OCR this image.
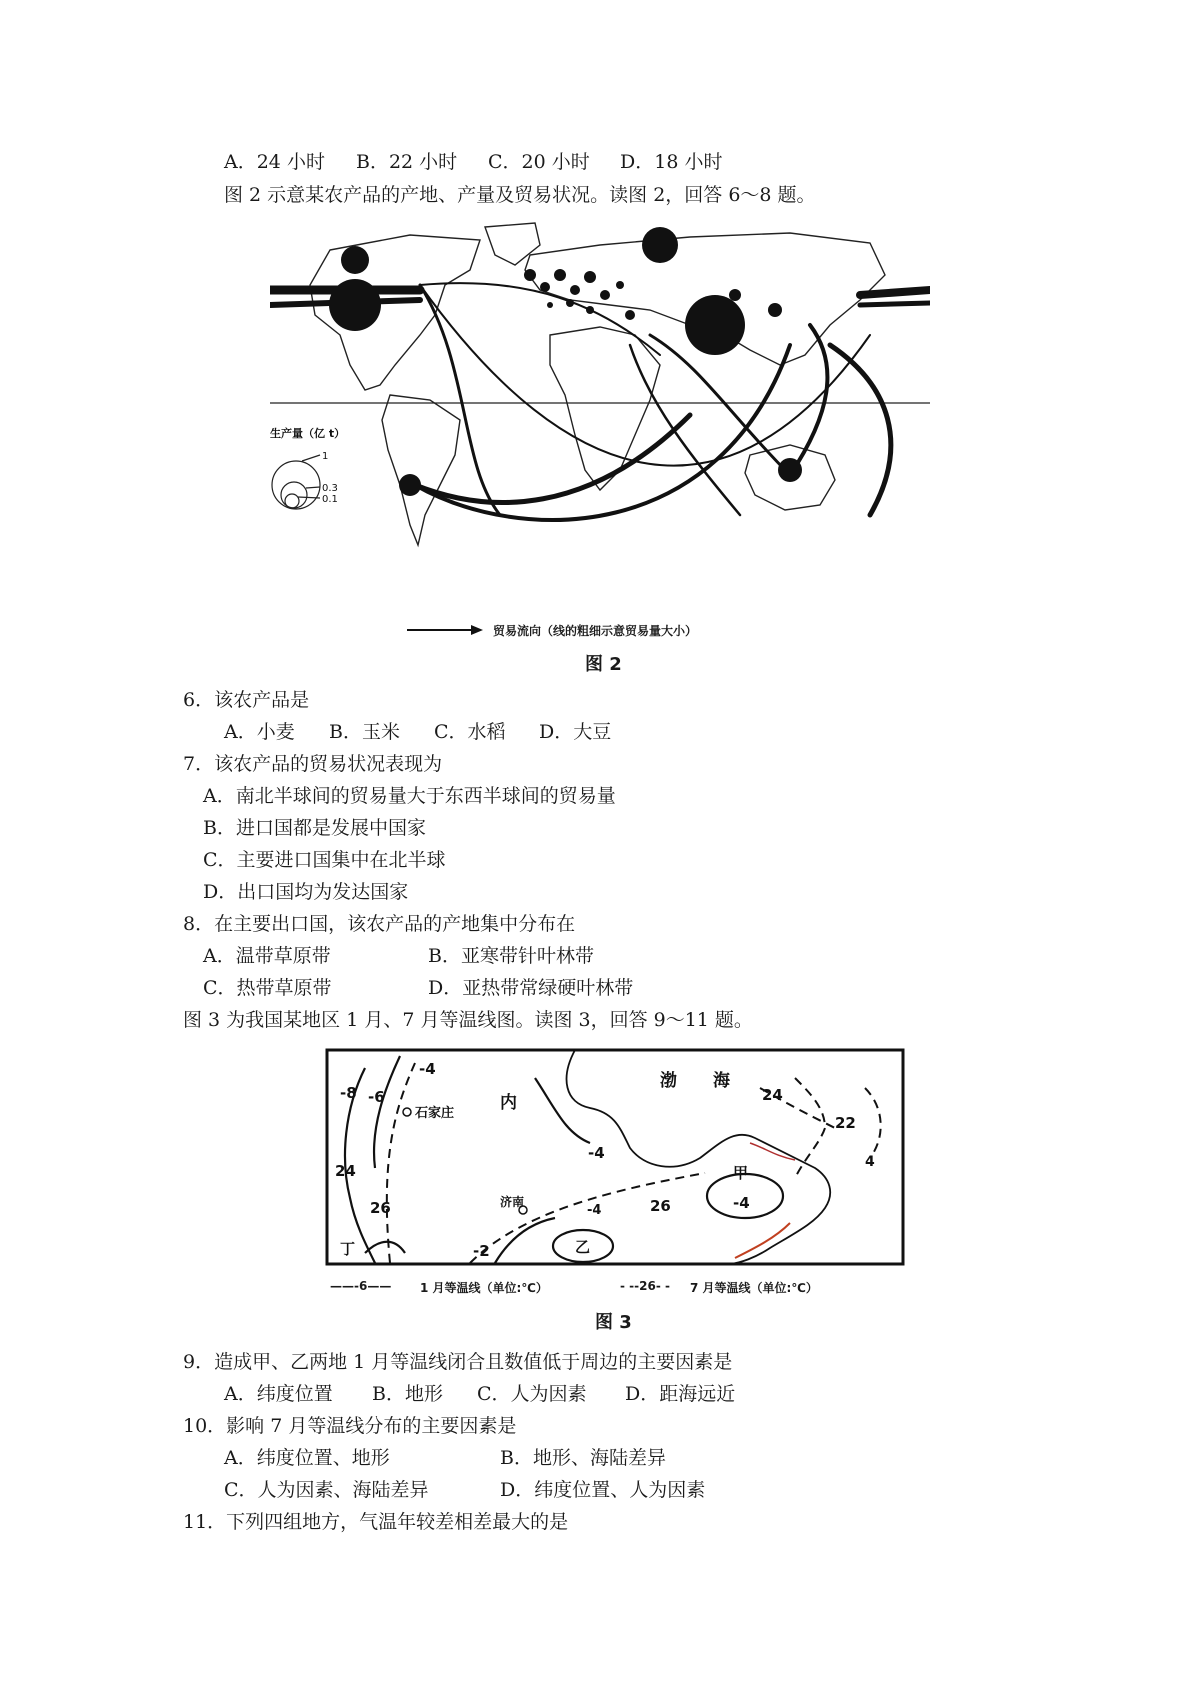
A．24 小时 B．22 小时 C．20 小时 D．18 小时
图 2 示意某农产品的产地、产量及贸易状况。读图 2，回答 6～8 题。
生产量（亿 t）
1
0.3
0.1
贸易流向（线的粗细示意贸易量大小）
图 2
6．该农产品是
A．小麦 B．玉米 C．水稻 D．大豆
7．该农产品的贸易状况表现为
A．南北半球间的贸易量大于东西半球间的贸易量
B．进口国都是发展中国家
C．主要进口国集中在北半球
D．出口国均为发达国家
8．在主要出口国，该农产品的产地集中分布在
A．温带草原带	B．亚寒带针叶林带
C．热带草原带	D．亚热带常绿硬叶林带
图 3 为我国某地区 1 月、7 月等温线图。读图 3，回答 9～11 题。
内
渤 海
石家庄
济南
甲
乙
丁
-8 -6
-4
24
26
-4
24
22
26	-4
-2
-4
4
——-6—— 1 月等温线（单位:℃）	- --26- - 7 月等温线（单位:℃）
图 3
9．造成甲、乙两地 1 月等温线闭合且数值低于周边的主要因素是
A．纬度位置 B．地形 C．人为因素 D．距海远近
10．影响 7 月等温线分布的主要因素是
A．纬度位置、地形	B．地形、海陆差异
C．人为因素、海陆差异	D．纬度位置、人为因素
11．下列四组地方，气温年较差相差最大的是
